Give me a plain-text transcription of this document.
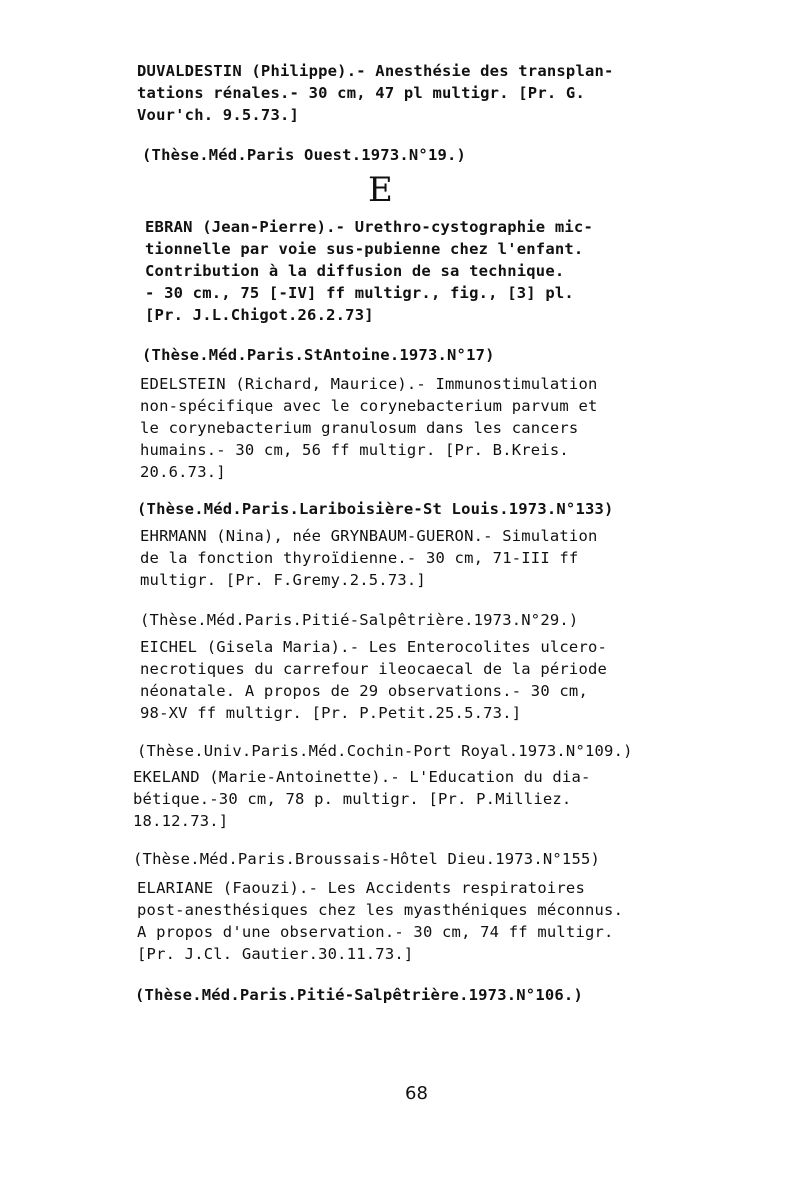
DUVALDESTIN (Philippe).- Anesthésie des transplan-
tations rénales.- 30 cm, 47 pl multigr. [Pr. G.
Vour'ch. 9.5.73.]
(Thèse.Méd.Paris Ouest.1973.N°19.)
E
EBRAN (Jean-Pierre).- Urethro-cystographie mic-
tionnelle par voie sus-pubienne chez l'enfant.
Contribution à la diffusion de sa technique.
- 30 cm., 75 [-IV] ff multigr., fig., [3] pl.
[Pr. J.L.Chigot.26.2.73]
(Thèse.Méd.Paris.StAntoine.1973.N°17)
EDELSTEIN (Richard, Maurice).- Immunostimulation
non-spécifique avec le corynebacterium parvum et
le corynebacterium granulosum dans les cancers
humains.- 30 cm, 56 ff multigr. [Pr. B.Kreis.
20.6.73.]
(Thèse.Méd.Paris.Lariboisière-St Louis.1973.N°133)
EHRMANN (Nina), née GRYNBAUM-GUERON.- Simulation
de la fonction thyroïdienne.- 30 cm, 71-III ff
multigr. [Pr. F.Gremy.2.5.73.]
(Thèse.Méd.Paris.Pitié-Salpêtrière.1973.N°29.)
EICHEL (Gisela Maria).- Les Enterocolites ulcero-
necrotiques du carrefour ileocaecal de la période
néonatale. A propos de 29 observations.- 30 cm,
98-XV ff multigr. [Pr. P.Petit.25.5.73.]
(Thèse.Univ.Paris.Méd.Cochin-Port Royal.1973.N°109.)
EKELAND (Marie-Antoinette).- L'Education du dia-
bétique.-30 cm, 78 p. multigr. [Pr. P.Milliez.
18.12.73.]
(Thèse.Méd.Paris.Broussais-Hôtel Dieu.1973.N°155)
ELARIANE (Faouzi).- Les Accidents respiratoires
post-anesthésiques chez les myasthéniques méconnus.
A propos d'une observation.- 30 cm, 74 ff multigr.
[Pr. J.Cl. Gautier.30.11.73.]
(Thèse.Méd.Paris.Pitié-Salpêtrière.1973.N°106.)
68
